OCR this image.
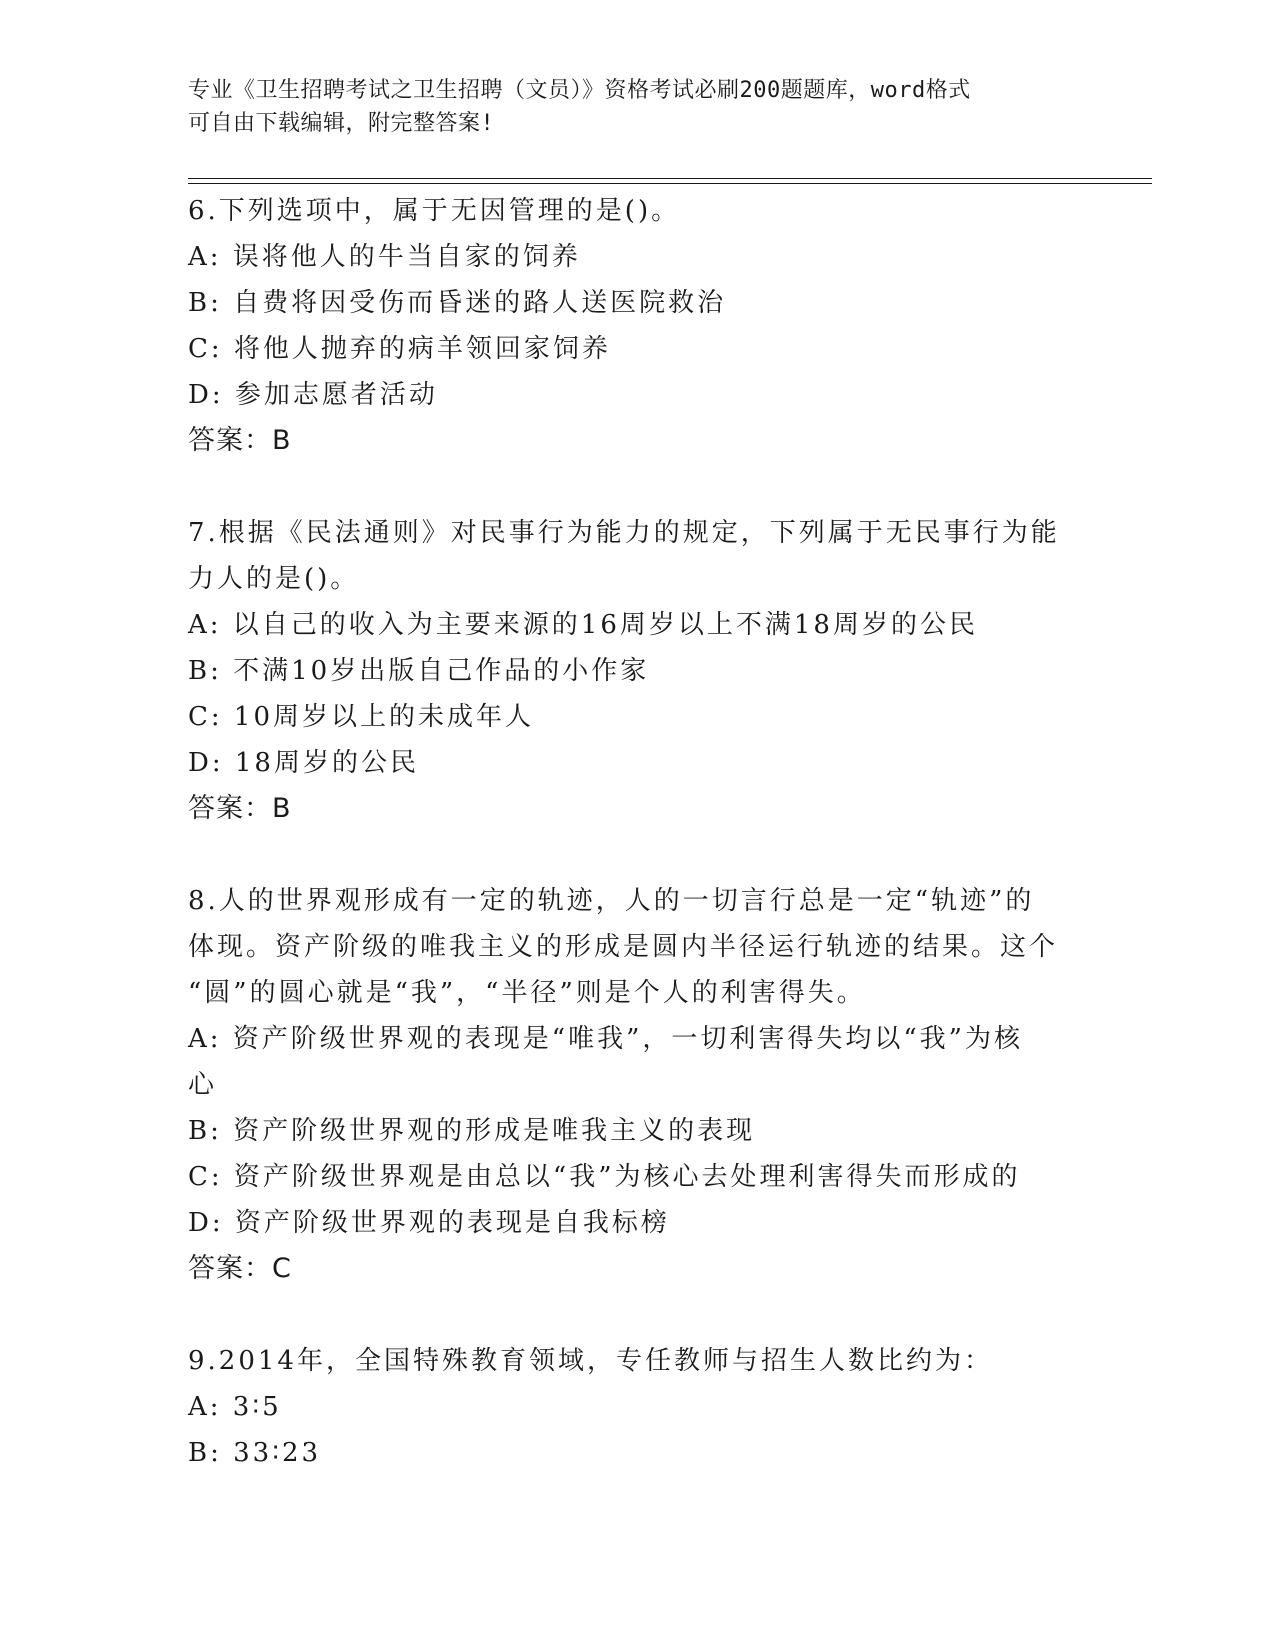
专业《卫生招聘考试之卫生招聘（文员）》资格考试必刷200题题库，word格式
可自由下载编辑，附完整答案!
6.下列选项中，属于无因管理的是()。
A: 误将他人的牛当自家的饲养
B: 自费将因受伤而昏迷的路人送医院救治
C: 将他人抛弃的病羊领回家饲养
D: 参加志愿者活动
答案：B
7.根据《民法通则》对民事行为能力的规定，下列属于无民事行为能
力人的是()。
A: 以自己的收入为主要来源的16周岁以上不满18周岁的公民
B: 不满10岁出版自己作品的小作家
C: 10周岁以上的未成年人
D: 18周岁的公民
答案：B
8.人的世界观形成有一定的轨迹，人的一切言行总是一定“轨迹”的
体现。资产阶级的唯我主义的形成是圆内半径运行轨迹的结果。这个
“圆”的圆心就是“我”，“半径”则是个人的利害得失。
A: 资产阶级世界观的表现是“唯我”，一切利害得失均以“我”为核
心
B: 资产阶级世界观的形成是唯我主义的表现
C: 资产阶级世界观是由总以“我”为核心去处理利害得失而形成的
D: 资产阶级世界观的表现是自我标榜
答案：C
9.2014年，全国特殊教育领域，专任教师与招生人数比约为：
A: 3∶5
B: 33∶23
